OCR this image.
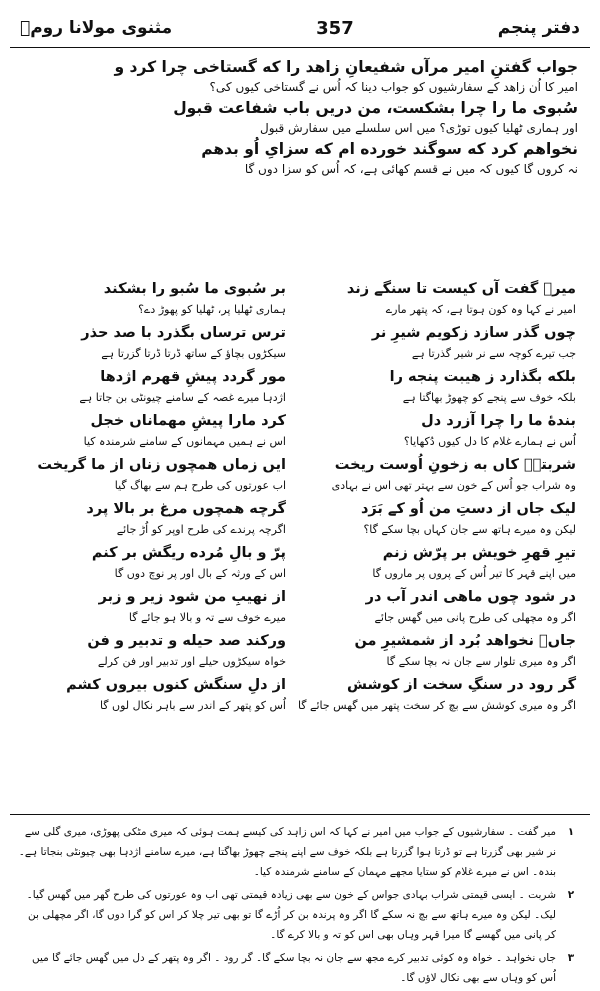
مثنوی مولانا رومؒ	357	دفتر پنجم
جواب گفتنِ امیر مرآں شفیعانِ زاهد را که گستاخی چرا کرد و
امیر کا اُن زاهد کے سفارشیوں کو جواب دینا کہ اُس نے گستاخی کیوں کی؟
سُبوی ما را چرا بشکست، من دریں باب شفاعت قبول
اور ہماری ٹھلیا کیوں توڑی؟ میں اس سلسلے میں سفارش قبول
نخواهم کرد که سوگند خورده ام که سزایِ اُو بدهم
نہ کروں گا کیوں کہ میں نے قسم کھائی ہے، کہ اُس کو سزا دوں گا
بر سُبوی ما سُبو را بشکند
ہماری ٹھلیا پر، ٹھلیا کو پھوڑ دے؟
ترس ترساں بگذرد با صد حذر
سیکڑوں بچاؤ کے ساتھ ڈرتا ڈرتا گزرتا ہے
مور گردد پیشِ قهرم اژدها
اژدہا میرے غصہ کے سامنے چیونٹی بن جاتا ہے
کرد مارا پیشِ مهماناں خجل
اس نے ہمیں مہمانوں کے سامنے شرمندہ کیا
ایں زماں همچوں زناں از ما گریخت
اب عورتوں کی طرح ہم سے بھاگ گیا
گرچه همچوں مرغ بر بالا پرد
اگرچہ پرندے کی طرح اوپر کو اُڑ جائے
پرّ و بالِ مُرده ریگش بر کنم
اس کے ورثہ کے بال اور پر نوچ دوں گا
از نهیبِ من شود زیر و زبر
میرے خوف سے تہ و بالا ہو جائے گا
ورکند صد حیله و تدبیر و فن
خواہ سیکڑوں حیلے اور تدبیر اور فن کرلے
از دلِ سنگش کنوں بیروں کشم
اُس کو پتھر کے اندر سے باہر نکال لوں گا
میرؒ گفت آں کیست تا سنگے زند
امیر نے کہا وہ کون ہوتا ہے، کہ پتھر مارے
چوں گذر سازد زکویم شیرِ نر
جب تیرے کوچہ سے نر شیر گذرتا ہے
بلکه بگذارد ز هیبت پنجه را
بلکہ خوف سے پنجے کو چھوڑ بھاگتا ہے
بندهٔ ما را چرا آزرد دل
اُس نے ہمارے غلام کا دل کیوں دُکھایا؟
شربتےؒ کاں به زخونِ اُوست ریخت
وہ شراب جو اُس کے خون سے بہتر تھی اس نے بہادی
لیک جاں از دستِ من اُو کے بَرَد
لیکن وہ میرے ہاتھ سے جان کہاں بچا سکے گا؟
تیرِ قهرِ خویش بر پرّش زنم
میں اپنے قہر کا تیر اُس کے پروں پر ماروں گا
در شود چوں ماهی اندر آب در
اگر وہ مچھلی کی طرح پانی میں گھس جائے
جاںؒ نخواهد بُرد از شمشیرِ من
اگر وہ میری تلوار سے جان نہ بچا سکے گا
گر رود در سنگِ سخت از کوشش
اگر وہ میری کوشش سے بچ کر سخت پتھر میں گھس جائے گا
۱
میر گفت ۔ سفارشیوں کے جواب میں امیر نے کہا کہ اس زاہد کی کیسے ہمت ہوئی کہ میری مٹکی پھوڑی، میری گلی سے نر شیر بھی گزرتا ہے تو ڈرتا ہوا گزرتا ہے بلکہ خوف سے اپنے پنجے چھوڑ بھاگتا ہے، میرے سامنے اژدہا بھی چیونٹی بنجاتا ہے۔ بندہ۔ اس نے میرے غلام کو ستایا مجھے مہمان کے سامنے شرمندہ کیا۔
۲
شربت ۔ ایسی قیمتی شراب بہادی جواس کے خون سے بھی زیادہ قیمتی تھی اب وہ عورتوں کی طرح گھر میں گھس گیا۔ لیک۔ لیکن وہ میرے ہاتھ سے بچ نہ سکے گا اگر وہ پرندہ بن کر اُڑے گا تو بھی تیر چلا کر اس کو گرا دوں گا، اگر مچھلی بن کر پانی میں گھسے گا میرا قہر وہاں بھی اس کو تہ و بالا کرے گا۔
۳
جاں نخواہد ۔ خواہ وہ کوئی تدبیر کرے مجھ سے جان نہ بچا سکے گا۔ گر رود ۔ اگر وہ پتھر کے دل میں گھس جائے گا میں اُس کو وہاں سے بھی نکال لاؤں گا۔
